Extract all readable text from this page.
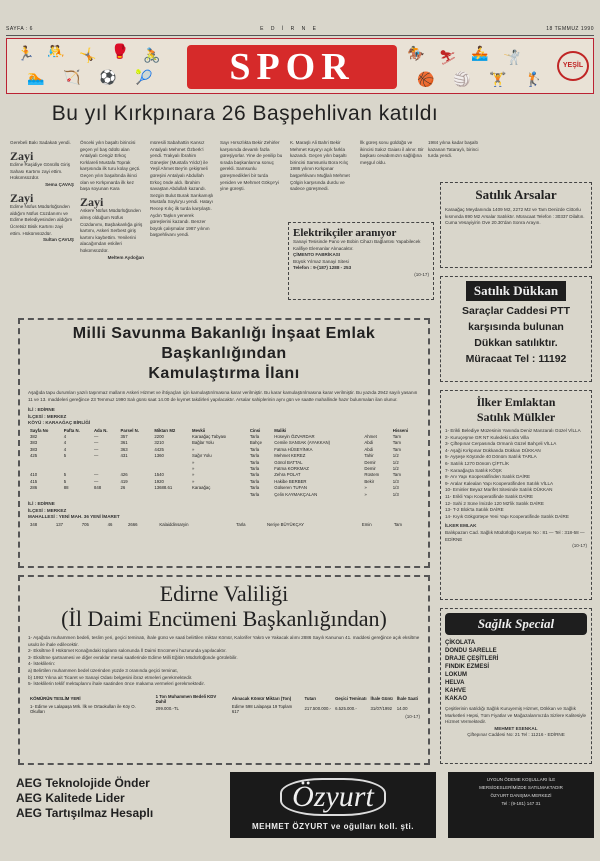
SAYFA : 6	E D İ R N E	18 TEMMUZ 1990
🏃 🤼 🤸 🥊 🚴
🏊 🏹 ⚽ 🎾	SPOR	🏇 ⛷ 🚣 🤺
🏀 🏐 🏋 🏌
YEŞİL
Bu yıl Kırkpınara 26 Başpehlivan katıldı
Gerebeli Bakı Sadakatı yendi.
Zayi
Edirne Raşidiye Gönüllü Giriş Sahası Kartımı zayi ettim. Hükümsüzdür.
Sema ÇAVAŞ
Zayi
Edirne Nüfus Müdürlüğünden aldığım Nüfus Cüzdanımı ve Edirne Belediyesinden aldığım Ücretsiz Bisik Kartımı zayi ettim. Hükümsüzdür.
Sultan ÇAVUŞ
Önceki yılın başaltı birincisi geçen yıl baş ödülü alan Antalyalı Cengiz Erkoç Kırklareli Mustafa Toprak karşısında ilk turu kolay geçti. Geçen yılın başaltında ikinci olan ve Kırkpınarda ilk kez başa soyunan Kara
Zayi
Askere Nüfus Müdürlüğünden almış olduğum Nüfus Cüzdanımı, Başbakanlığa giriş kartımı, Askeri Serbest giriş kartımı kaybettim. Yenilerini alacağımdan eskileri hükümsüzdür.
Meltem Aydoğan
müresili Sabahattin Kansız Antalyalı Mehmet Özberk'i yendi. Trakyalı İbrahim Güneşler (Mustafa Yıldız) ile Yeşil Ahmet Bey'in çekişmeli güreşini Antalyalı Abdullah Erkoç önde aldı. İbrahim savaştan Abdullah kazandı. Sezgin Bulut Burak Sarıkamışlı Mustafa Soylu'yu yendi. Hatayı Recep Kılıç ilk turda karşılaştı. Aydın Taşkın yenerek güreşlerini kazandı. Benzer büyük çalışmalar 1987 yılının başpehlivanı yendi.
Sayı Hırsızlıkta Bekir Zehirler karşısında devamlı fazla güreşiyorlar. Yine de yenilip bu sırada başkanlarına sonuç gerekli. Samsunlu güreşmedikleri bir turda yeniden ve Mehmet Gökçe'yi yine güreşti.
K. Maraşlı Ali Bahri Bekir Mehmet Kaya'yı açık farkla kazandı. Geçen yılın başaltı birincisi Samsunlu Bora Kılıç 1986 yılının Kırkpınar başpehlivanı Muğlalı Mehmet Çölgin karşısında durdu ve sadece güreşmedi.
İlk güreş sonu güldüğü ve ikincisi Sakız Gaiası il alınır. Bir başkası cevabımızın sağlığına meşgul oldu.
1984 yılına kadar başaltı kazanan Tataraylı, birinci turda yendi.
Elektrikçiler aranıyor
Sanayi Tesisinde Pano ve Bobin Cihazı Bağlantısı Yapabilecek Kalifiye Elemanlar Alınacaktır.
ÇİMENTO FABRİKASI
Büyük Yılmaz Sanayi Sitesi
Telefon : 9-(187) 1288 - 253
(10-17)
Milli Savunma Bakanlığı İnşaat Emlak Başkanlığından
Kamulaştırma İlanı
Aşağıda tapu durumları yazılı taşınmaz malların Askeri Hizmet ve ihtiyaçları için kamulaştırılmasına karar verilmiştir. Bu karar kamulaştırılmasına karar verilmiştir. Bu yazıda 2942 sayılı yasanın 11 ve 13. maddeleri gereğince 23 Temmuz 1990 Salı günü saat 14.00 de kıymet takdirleri yapılacaktır. Arsalar sahiplerinin aynı gün ve saatte mahallinde hazır bulunmaları ilan olunur.
İLİ : EDİRNE
İLÇESİ : MERKEZ
KÖYÜ : KARAAĞAÇ BİRLİĞİ
Sayfa No	Pafta N.	Ada N.	Parsel N.	Miktarı M2	Mevkii	Cinsi	Maliki		Hisseni
382	4	—	357	2200	Karaağaç Tabyası	Tarla	Hüseyin ÖZVARDAR	Ahmet	Tam
383	4	—	361	3210	Bağlar Yolu	Bahçe	Cemile SANSAK (AYAKKAN)	Abdi	Tam
383	4	—	363	4425	»	Tarla	Fatma HÜSEYİNKA	Abdi	Tam
425	5	—	431	1360	Sağır Yolu	Tarla	Mehmet KEREZ	Tahir	1/2
					»	Tarla	Gönül BATTAL	Demir	1/2
					»	Tarla	Fatma KORKMAZ	Demir	1/2
410	5	—	426	1540	»	Tarla	Zehra POLAT	Rüstem	Tam
415	5	—	419	1920	»	Tarla	Hakibe BERBER	Bekir	1/3
286	88	848	26	13688.61	Karaağaç	Tarla	Gülseren TUFAN	»	1/3
						Tarla	Çelin KAYMAKÇALAN	»	1/3
İLİ : EDİRNE
İLÇESİ : MERKEZ
MAHALLESİ : YENİ MAH. 36 YENİ İMARET
348	137	705	46	2666	Kalaiddinsaryin	Tarla	Neriye BÜYÜKÇAY	Emin	Tam
Edirne Valiliği
(İl Daimi Encümeni Başkanlığından)
1- Aşağıda muhammen bedeli, teslim yeri, geçici teminatı, ihale günü ve saati belirtilen miktar Kömür, Kalorifer Yakıtı ve Yakacak alımı 2886 Sayılı Kanunun 41. maddesi gereğince açık eksiltme usulü ile ihale edilecektir.
2- Eksiltme İl Hükümet Konağındaki toplantı salonunda İl Daimi Encümeni huzurunda yapılacaktır.
3- Eksiltme şartnamesi ve diğer evraklar mesai saatlerinde Edirne Milli Eğitim Müdürlüğünde görülebilir.
4- İsteklilerin:
a) Belirtilen muhammen bedel üzerinden yüzde 3 oranında geçici teminat,
b) 1992 Yılına ait Ticaret ve Sanayi Odası belgesini ibraz etmeleri gerekmektedir.
5- İsteklilerin teklif mektuplarını ihale saatinden önce makama vermeleri gerekmektedir.
KÖMÜRÜN TESLİM YERİ	1 Ton Muhammen Bedeli KDV Dahil	Alınacak Kömür Miktarı (Ton)	Tutarı	Geçici Teminatı	İhale Günü	İhale Saati
1- Edirne ve Lalapaşa Mrk. İlk ve Ortaokulları ile Köy O. Okulları	299.000.-TL	Edirne 598 Lalapaşa 19 Toplam 617	217.500.000.-	6.525.000.-	31/07/1992	14.00
(10-17)
Satılık Arsalar
Karaağaç Meydanında 1409 M2, 2272 M2 ve Tam Denizde Cittorlu kısmında 890 M2 Arsalar Satılıktır. Müracaat Telefon : 30337 Dilaltın. Cuma Vesayiyirin Ove 20.30'dan Sonra Arayın.
Satılık Dükkan
Saraçlar Caddesi PTT
karşısında bulunan
Dükkan satılıktır.
Müracaat Tel : 11192
İlker Emlaktan
Satılık Mülkler
1- Erikli Belediye Müzesinin Yanında Deniz Manzaralı Güzel VİLLA
2- Kuruçeşme GR NT Kuledeki Lüks Villa
3- Çiftepınar Cerpasında Ormanlı Güzel Bahçeli VİLLA
4- Aşaği Kırkpınar Dükkanda Dükkan DÜKKAN
5- Ayşeşe Köyünde 40 Dönüm Satılık TARLA
6- Satılık 1270 Dönüm ÇİFTLİK
7- Karaağaçta Satılık KÖŞK
8- Arv Yapı Kooperatifinden Satılık DAİRE
9- Aralar Kalealan Yapı Kooperatifinden Satılık VİLLA
10- Eminler Beyaz Marifet Sitesinde Satılık DÜKKAN
11- Erikli Yapı Kooperatifinde Satılık DAİRE
12- Sahi 2 Süne İmizde 120 M2'lik Satılık DAİRE
13- T-2 Blok'ta Satılık DAİRE
14- Kıyık Gökgürtepe Yeni Yapı Kooperatifinde Satılık DAİRE
İLKER EMLAK
Balıkpazarı Cad. Sağlık Müdürlüğü Karşısı No : 81 — Tel : 318-58 — EDİRNE
(10-17)
Sağlık Special
ÇİKOLATA
DONDU SARELLE
DRAJE ÇEŞİTLERİ
FINDIK EZMESİ
LOKUM
HELVA
KAHVE
KAKAO
Çeşitlerinin satıldığı Sağlık Kuruyemiş Hizmet, Dökkan ve Sağlık Marketleri Hepsi, Tüm Fiyatlar ve Mağazalarımızda Sizlere Kalitesiyle Hizmet Vermektedir.
MEHMET ESENKAL
Çiftepınar Caddesi No: 21 Tel : 11216 - EDİRNE
AEG Teknolojide Önder
AEG Kalitede Lider
AEG Tartışılmaz Hesaplı	Özyurt
MEHMET ÖZYURT ve oğulları koll. şti.
UYGUN ÖDEME KOŞULLARI İLE
MERSİDESLERİMİZDE SATILMAKTADIR
ÖZYURT DANIŞMA MERKEZİ
Tel : (9-181) 147 31
